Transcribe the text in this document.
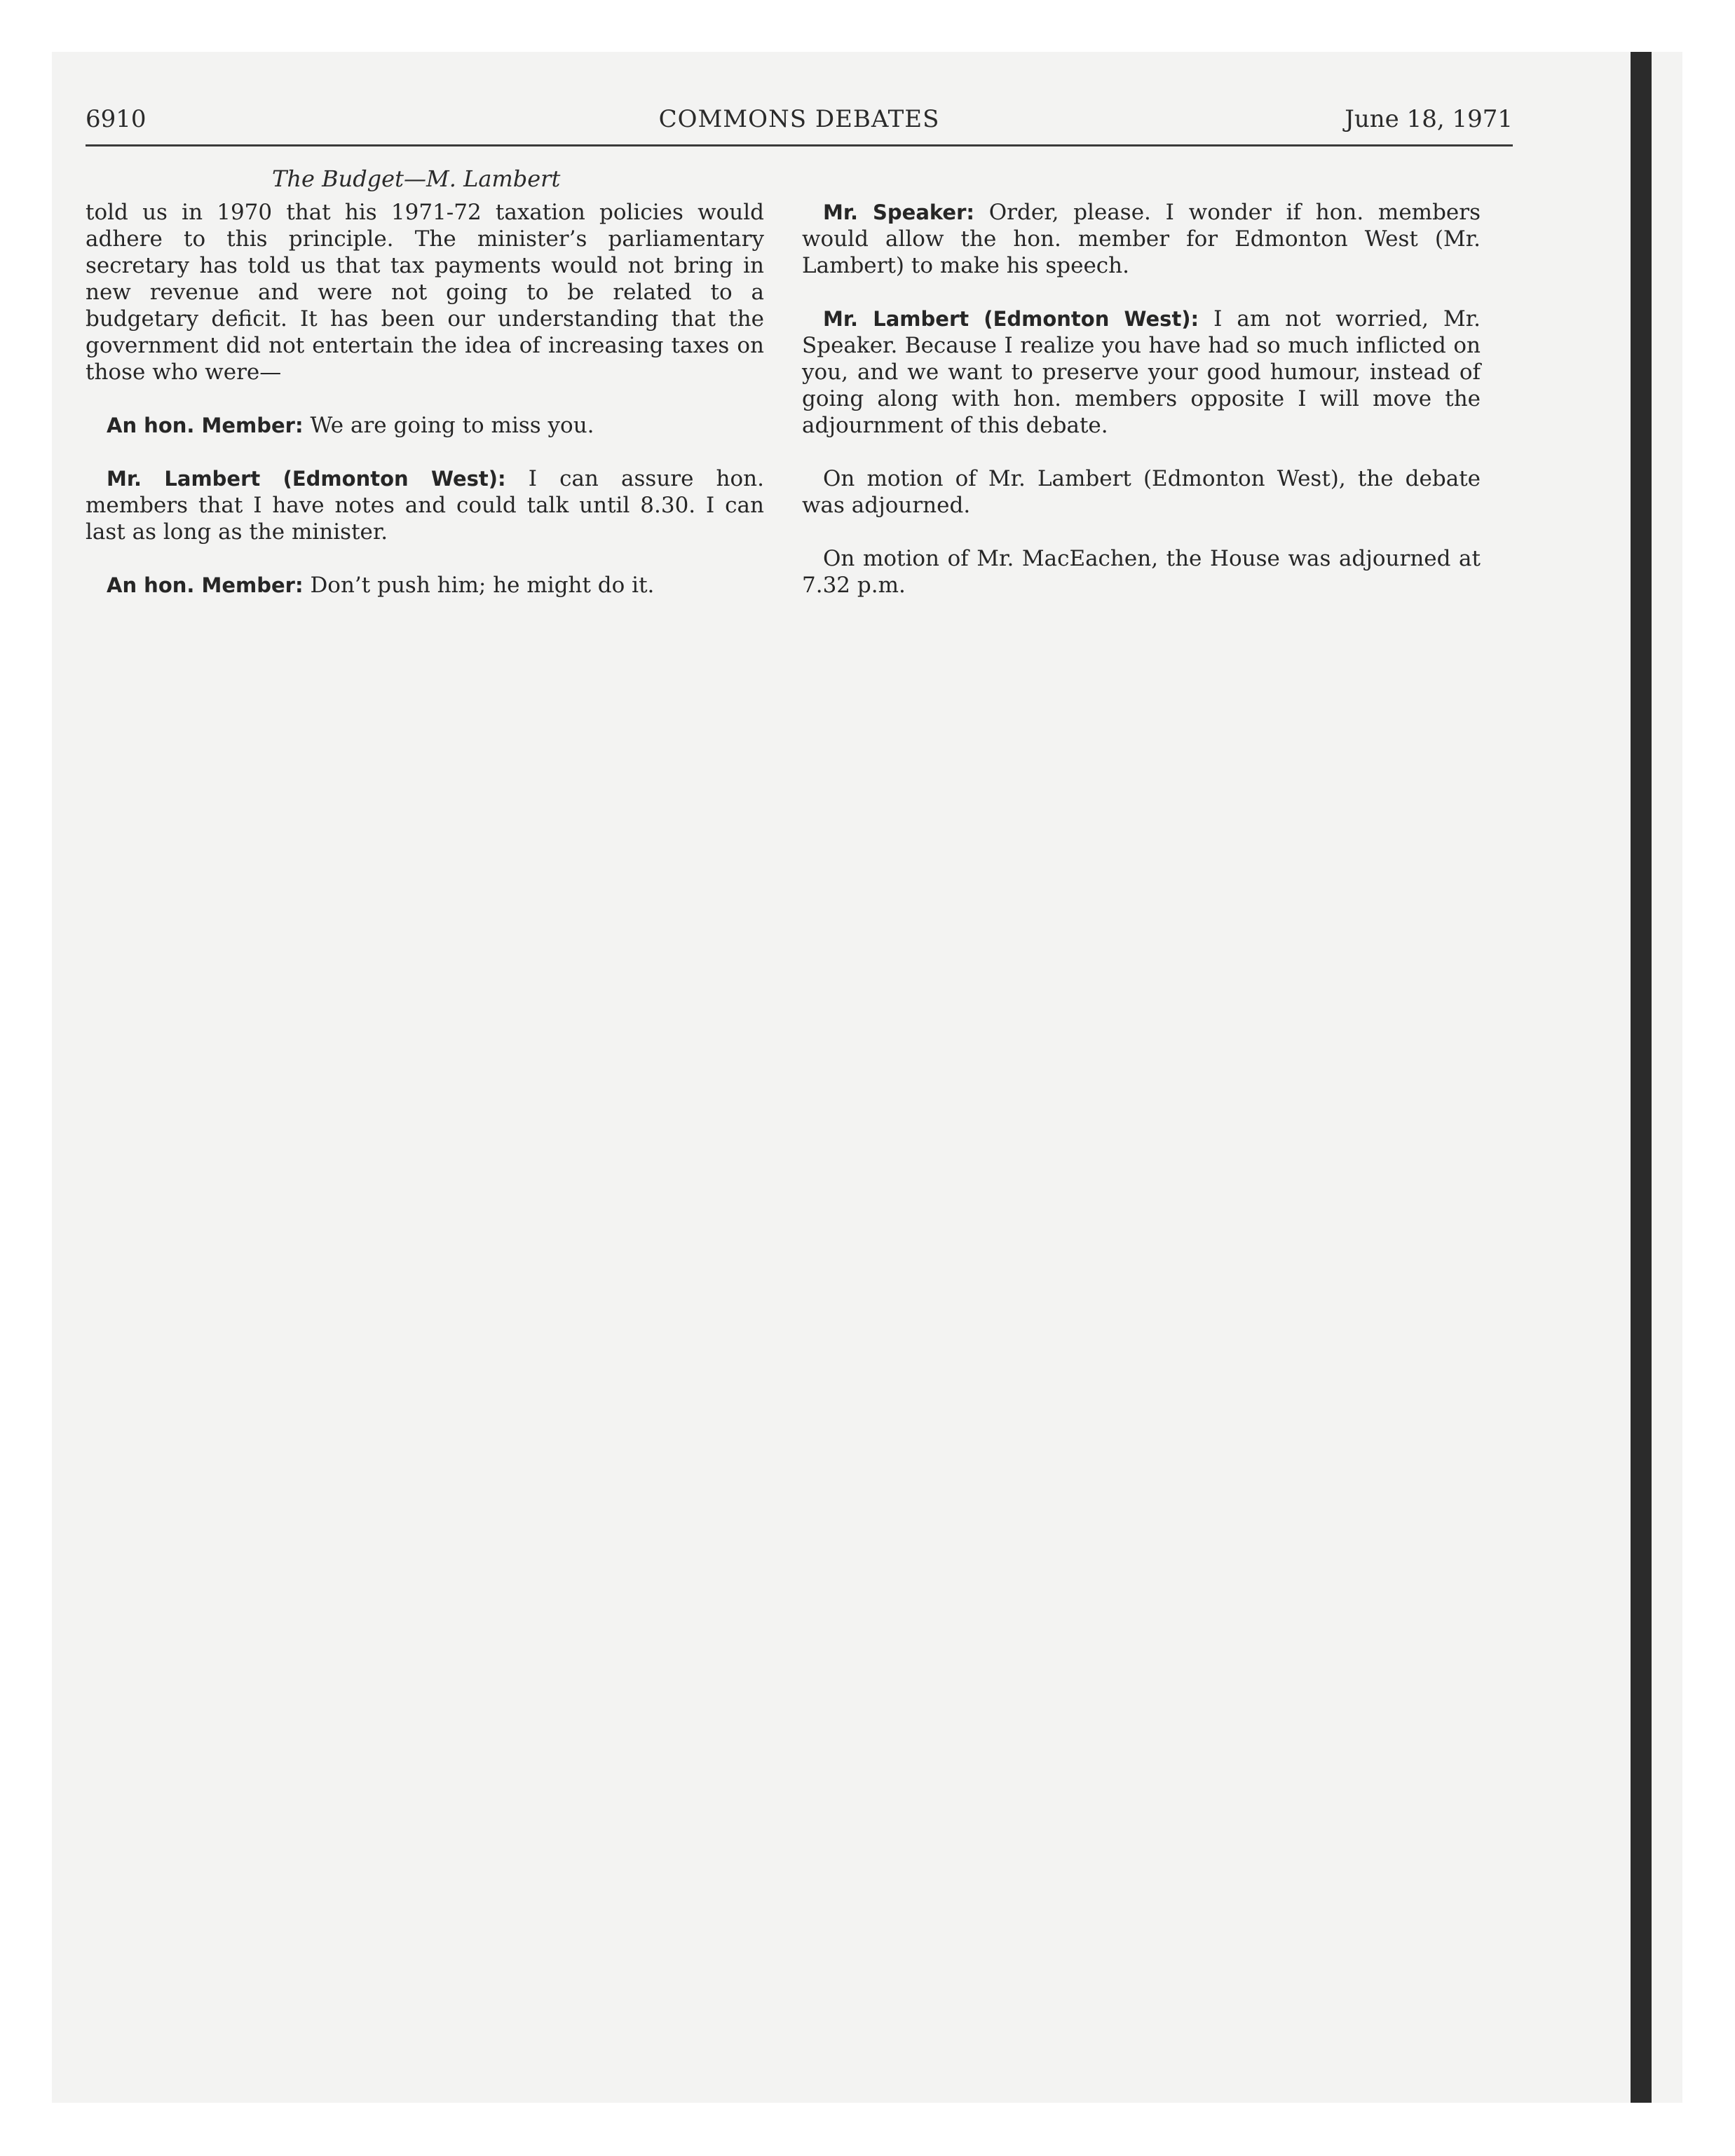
6910	COMMONS DEBATES	June 18, 1971
The Budget—M. Lambert

told us in 1970 that his 1971-72 taxation policies would adhere to this principle. The minister’s parliamentary secretary has told us that tax payments would not bring in new revenue and were not going to be related to a budgetary deficit. It has been our understanding that the government did not entertain the idea of increasing taxes on those who were—

An hon. Member: We are going to miss you.

Mr. Lambert (Edmonton West): I can assure hon. members that I have notes and could talk until 8.30. I can last as long as the minister.

An hon. Member: Don’t push him; he might do it.

Mr. Speaker: Order, please. I wonder if hon. members would allow the hon. member for Edmonton West (Mr. Lambert) to make his speech.

Mr. Lambert (Edmonton West): I am not worried, Mr. Speaker. Because I realize you have had so much inflicted on you, and we want to preserve your good humour, instead of going along with hon. members opposite I will move the adjournment of this debate.

On motion of Mr. Lambert (Edmonton West), the debate was adjourned.

On motion of Mr. MacEachen, the House was adjourned at 7.32 p.m.
